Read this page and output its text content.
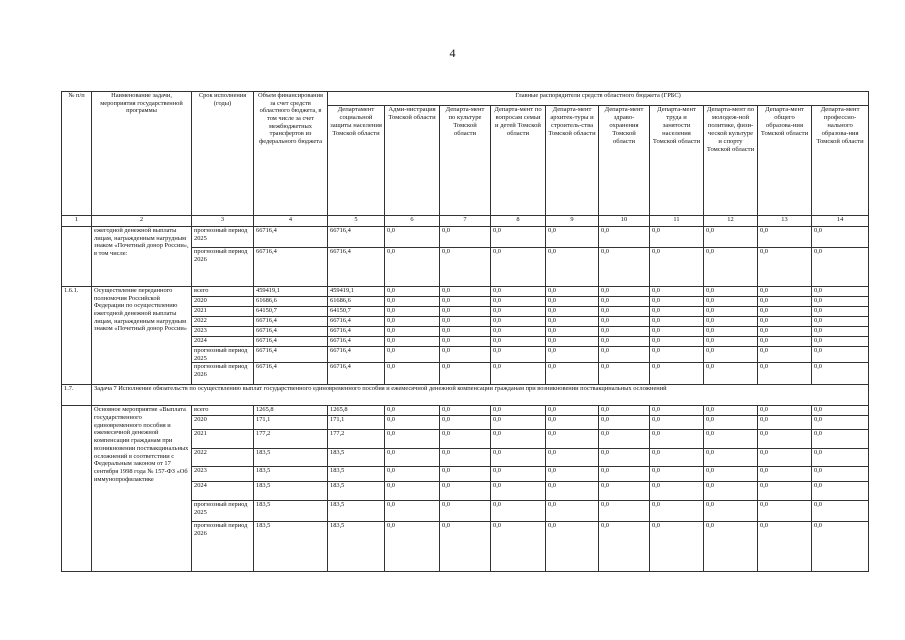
4
№ п/п	Наименование задачи, мероприятия государственной программы	Срок исполнения (годы)	Объем финансирования за счет средств областного бюджета, в том числе за счет межбюджетных трансфертов из федерального бюджета	Главные распорядители средств областного бюджета (ГРБС)									
				Департамент социальной защиты населения Томской области	Адми-нистрация Томской области	Департа-мент по культуре Томской области	Департа-мент по вопросам семьи и детей Томской области	Департа-мент архитек-туры и строитель-ства Томской области	Департа-мент здраво-охранения Томской области	Департа-мент труда и занятости населения Томской области	Департа-мент по молодеж-ной политике, физи-ческой культуре и спорту Томской области	Департа-мент общего образова-ния Томской области	Департа-мент профессио-нального образова-ния Томской области
1	2	3	4	5	6	7	8	9	10	11	12	13	14
	ежегодной денежной выплаты лицам, награжденным нагрудным знаком «Почетный донор России», в том числе:	прогнозный период 2025	66716,4	66716,4	0,0	0,0	0,0	0,0	0,0	0,0	0,0	0,0	0,0
		прогнозный период 2026	66716,4	66716,4	0,0	0,0	0,0	0,0	0,0	0,0	0,0	0,0	0,0
1.6.1.	Осуществление переданного полномочия Российской Федерации по осуществлению ежегодной денежной выплаты лицам, награжденным нагрудным знаком «Почетный донор России»	всего	459419,1	459419,1	0,0	0,0	0,0	0,0	0,0	0,0	0,0	0,0	0,0
		2020	61686,6	61686,6	0,0	0,0	0,0	0,0	0,0	0,0	0,0	0,0	0,0
		2021	64150,7	64150,7	0,0	0,0	0,0	0,0	0,0	0,0	0,0	0,0	0,0
		2022	66716,4	66716,4	0,0	0,0	0,0	0,0	0,0	0,0	0,0	0,0	0,0
		2023	66716,4	66716,4	0,0	0,0	0,0	0,0	0,0	0,0	0,0	0,0	0,0
		2024	66716,4	66716,4	0,0	0,0	0,0	0,0	0,0	0,0	0,0	0,0	0,0
		прогнозный период 2025	66716,4	66716,4	0,0	0,0	0,0	0,0	0,0	0,0	0,0	0,0	0,0
		прогнозный период 2026	66716,4	66716,4	0,0	0,0	0,0	0,0	0,0	0,0	0,0	0,0	0,0
1.7.	Задача 7 Исполнение обязательств по осуществлению выплат государственного единовременного пособия и ежемесячной денежной компенсации гражданам при возникновении поствакцинальных осложнений												
	Основное мероприятие «Выплата государственного единовременного пособия и ежемесячной денежной компенсации гражданам при возникновении поствакцинальных осложнений в соответствии с Федеральным законом от 17 сентября 1998 года № 157-ФЗ «Об иммунопрофилактике	всего	1265,8	1265,8	0,0	0,0	0,0	0,0	0,0	0,0	0,0	0,0	0,0
		2020	171,1	171,1	0,0	0,0	0,0	0,0	0,0	0,0	0,0	0,0	0,0
		2021	177,2	177,2	0,0	0,0	0,0	0,0	0,0	0,0	0,0	0,0	0,0
		2022	183,5	183,5	0,0	0,0	0,0	0,0	0,0	0,0	0,0	0,0	0,0
		2023	183,5	183,5	0,0	0,0	0,0	0,0	0,0	0,0	0,0	0,0	0,0
		2024	183,5	183,5	0,0	0,0	0,0	0,0	0,0	0,0	0,0	0,0	0,0
		прогнозный период 2025	183,5	183,5	0,0	0,0	0,0	0,0	0,0	0,0	0,0	0,0	0,0
		прогнозный период 2026	183,5	183,5	0,0	0,0	0,0	0,0	0,0	0,0	0,0	0,0	0,0
